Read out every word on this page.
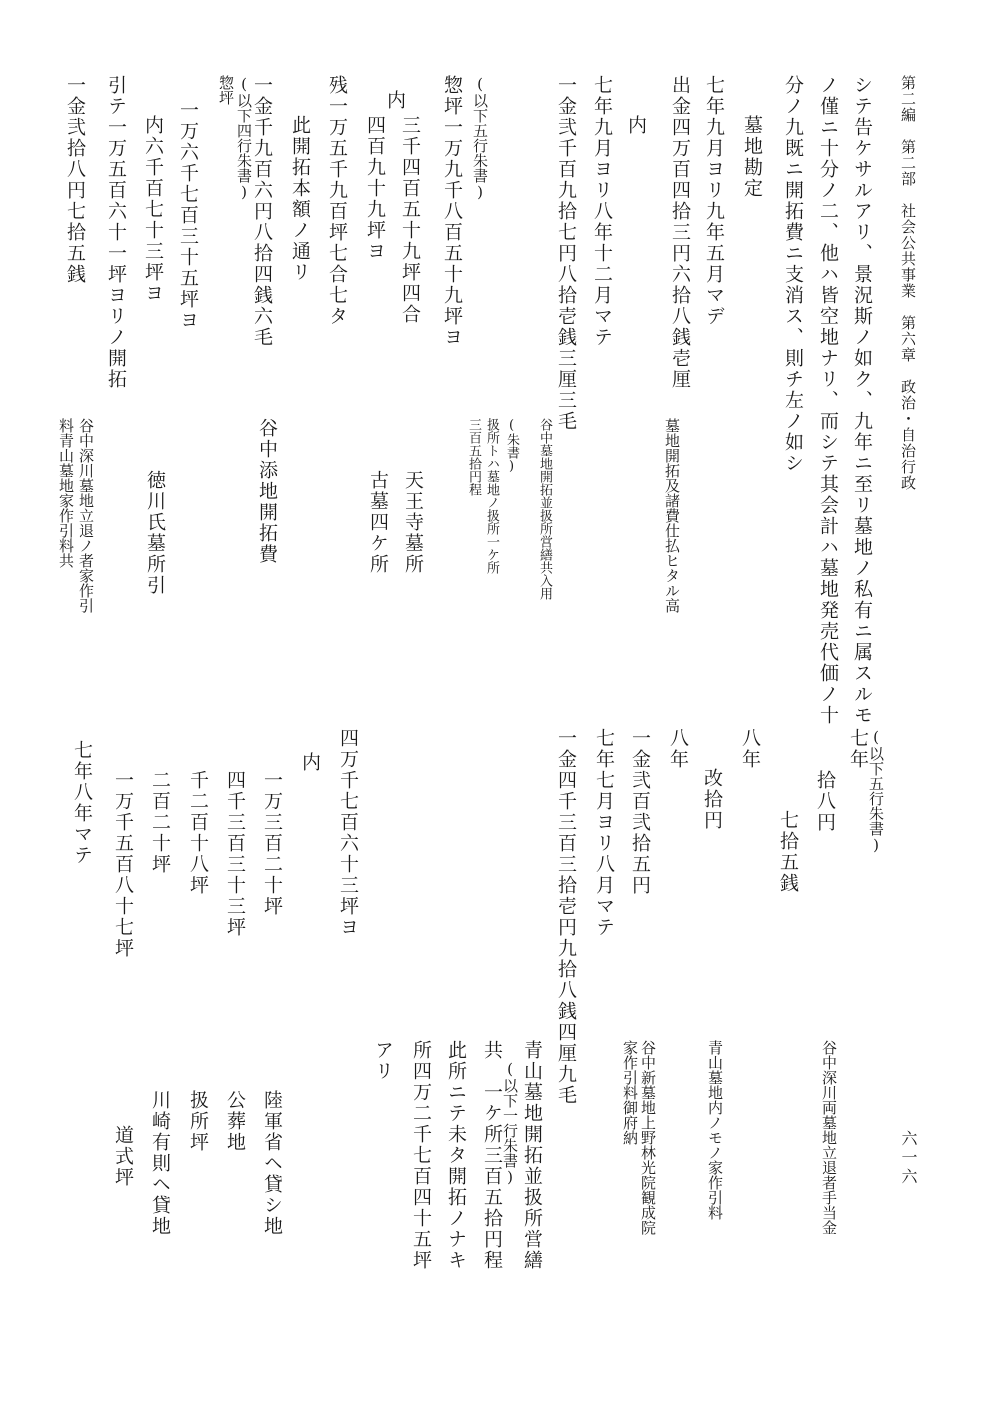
第二編　第二部　社会公共事業　第六章　政治・自治行政
六一六
シテ告ケサルアリ、景況斯ノ如ク、九年ニ至リ墓地ノ私有ニ属スルモ
ノ僅ニ十分ノ二、他ハ皆空地ナリ、而シテ其会計ハ墓地発売代価ノ十
分ノ九既ニ開拓費ニ支消ス、則チ左ノ如シ
墓地勘定
七年九月ヨリ九年五月マデ
出金四万百四拾三円六拾八銭壱厘
墓地開拓及諸費仕払ヒタル高
内
七年九月ヨリ八年十二月マテ
一金弐千百九拾七円八拾壱銭三厘三毛
谷中墓地開拓並扱所営繕共入用
(朱書)
扱所トハ墓地ノ扱所一ケ所
三百五拾円程
(以下五行朱書)
惣坪一万九千八百五十九坪ヨ
三千四百五十九坪四合
内
四百九十九坪ヨ
天王寺墓所
古墓四ケ所
残一万五千九百坪七合七タ
此開拓本額ノ通リ
谷中添地開拓費
一金千九百六円八拾四銭六毛
(以下四行朱書)
惣坪
一万六千七百三十五坪ヨ
内六千百七十三坪ヨ
徳川氏墓所引
引テ一万五百六十一坪ヨリノ開拓
谷中深川墓地立退ノ者家作引
料青山墓地家作引料共
一金弐拾八円七拾五銭
(以下五行朱書)
七年
谷中深川両墓地立退者手当金
拾八円
七拾五銭
八年
青山墓地内ノモノ家作引料
改拾円
八年
谷中新墓地上野林光院観成院
家作引料御府納
一金弐百弐拾五円
七年七月ヨリ八月マテ
一金四千三百三拾壱円九拾八銭四厘九毛
青山墓地開拓並扱所営繕
(以下一行朱書)
共　一ケ所三百五拾円程
此所ニテ未タ開拓ノナキ
所四万二千七百四十五坪
アリ
四万千七百六十三坪ヨ
内
一万三百二十坪
陸軍省ヘ貸シ地
四千三百三十三坪
公葬地
千二百十八坪
扱所坪
二百二十坪
川崎有則ヘ貸地
一万千五百八十七坪
道式坪
七年八年マテ
